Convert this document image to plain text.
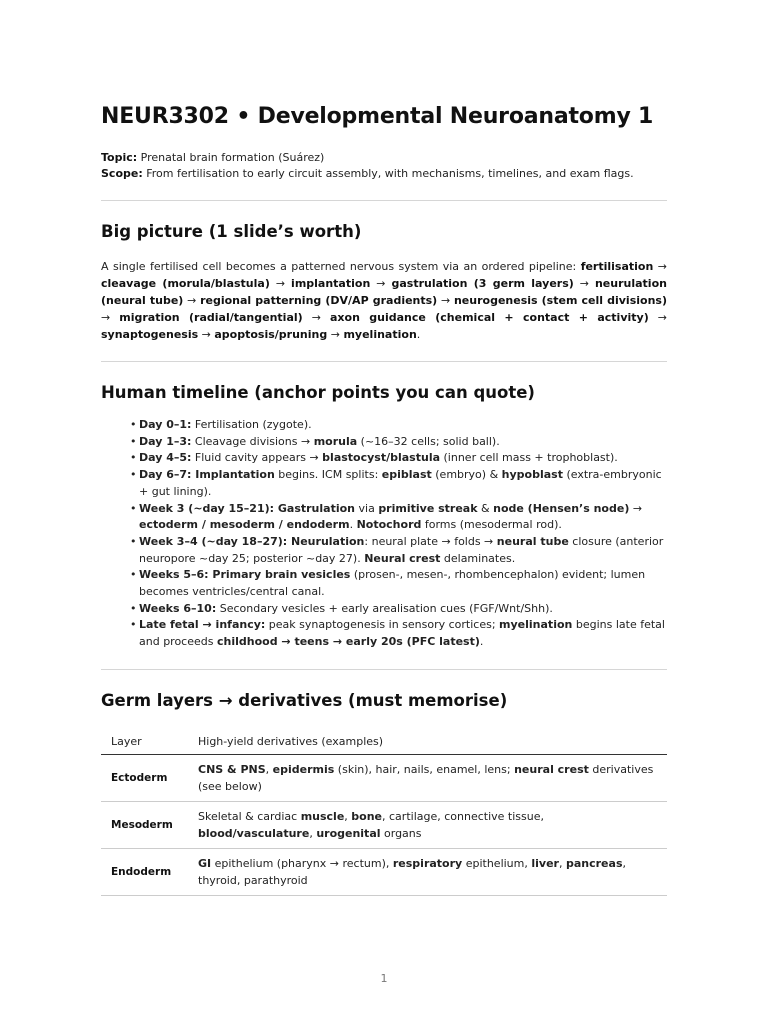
NEUR3302 • Developmental Neuroanatomy 1
Topic: Prenatal brain formation (Suárez)
Scope: From fertilisation to early circuit assembly, with mechanisms, timelines, and exam flags.
Big picture (1 slide’s worth)
A single fertilised cell becomes a patterned nervous system via an ordered pipeline: fertilisation → cleavage (morula/blastula) → implantation → gastrulation (3 germ layers) → neurulation (neural tube) → regional patterning (DV/AP gradients) → neurogenesis (stem cell divisions) → migration (radial/tangential) → axon guidance (chemical + contact + activity) → synaptogenesis → apoptosis/pruning → myelination.
Human timeline (anchor points you can quote)
• Day 0–1: Fertilisation (zygote).
• Day 1–3: Cleavage divisions → morula (~16–32 cells; solid ball).
• Day 4–5: Fluid cavity appears → blastocyst/blastula (inner cell mass + trophoblast).
• Day 6–7: Implantation begins. ICM splits: epiblast (embryo) & hypoblast (extra-embryonic + gut lining).
• Week 3 (~day 15–21): Gastrulation via primitive streak & node (Hensen’s node) → ectoderm / mesoderm / endoderm. Notochord forms (mesodermal rod).
• Week 3–4 (~day 18–27): Neurulation: neural plate → folds → neural tube closure (anterior neuropore ~day 25; posterior ~day 27). Neural crest delaminates.
• Weeks 5–6: Primary brain vesicles (prosen-, mesen-, rhombencephalon) evident; lumen becomes ventricles/central canal.
• Weeks 6–10: Secondary vesicles + early arealisation cues (FGF/Wnt/Shh).
• Late fetal → infancy: peak synaptogenesis in sensory cortices; myelination begins late fetal and proceeds childhood → teens → early 20s (PFC latest).
Germ layers → derivatives (must memorise)
Layer	High-yield derivatives (examples)
Ectoderm	CNS & PNS, epidermis (skin), hair, nails, enamel, lens; neural crest derivatives (see below)
Mesoderm	Skeletal & cardiac muscle, bone, cartilage, connective tissue, blood/vasculature, urogenital organs
Endoderm	GI epithelium (pharynx → rectum), respiratory epithelium, liver, pancreas, thyroid, parathyroid
1
